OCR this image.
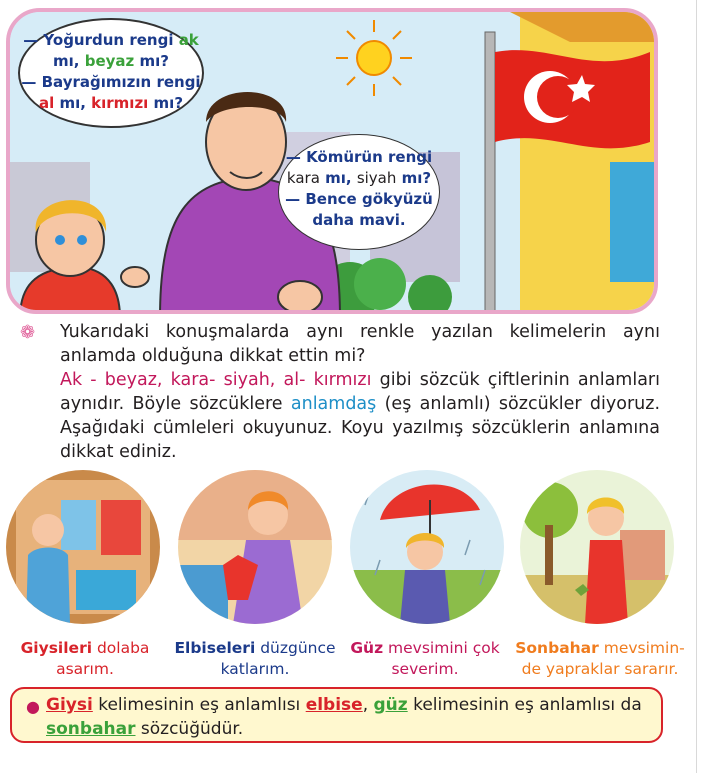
— Yoğurdun rengi ak
mı, beyaz mı?
— Bayrağımızın rengi
al mı, kırmızı mı?
— Kömürün rengi
kara mı, siyah mı?
— Bence gökyüzü
daha mavi.
❁ Yukarıdaki konuşmalarda aynı renkle yazılan kelimelerin aynı anlamda olduğuna dikkat ettin mi?

Ak - beyaz, kara- siyah, al- kırmızı gibi sözcük çiftlerinin anlamları aynıdır. Böyle sözcüklere anlamdaş (eş anlamlı) sözcükler diyoruz. Aşağıdaki cümleleri okuyunuz. Koyu yazılmış sözcüklerin anlamına dikkat ediniz.

Giysileri dolaba
asarım.
Elbiseleri düzgünce
katlarım.
Güz mevsimini çok
severim.
Sonbahar mevsimin-
de yapraklar sararır.
● Giysi kelimesinin eş anlamlısı elbise, güz kelimesinin eş anlamlısı da sonbahar sözcüğüdür.
